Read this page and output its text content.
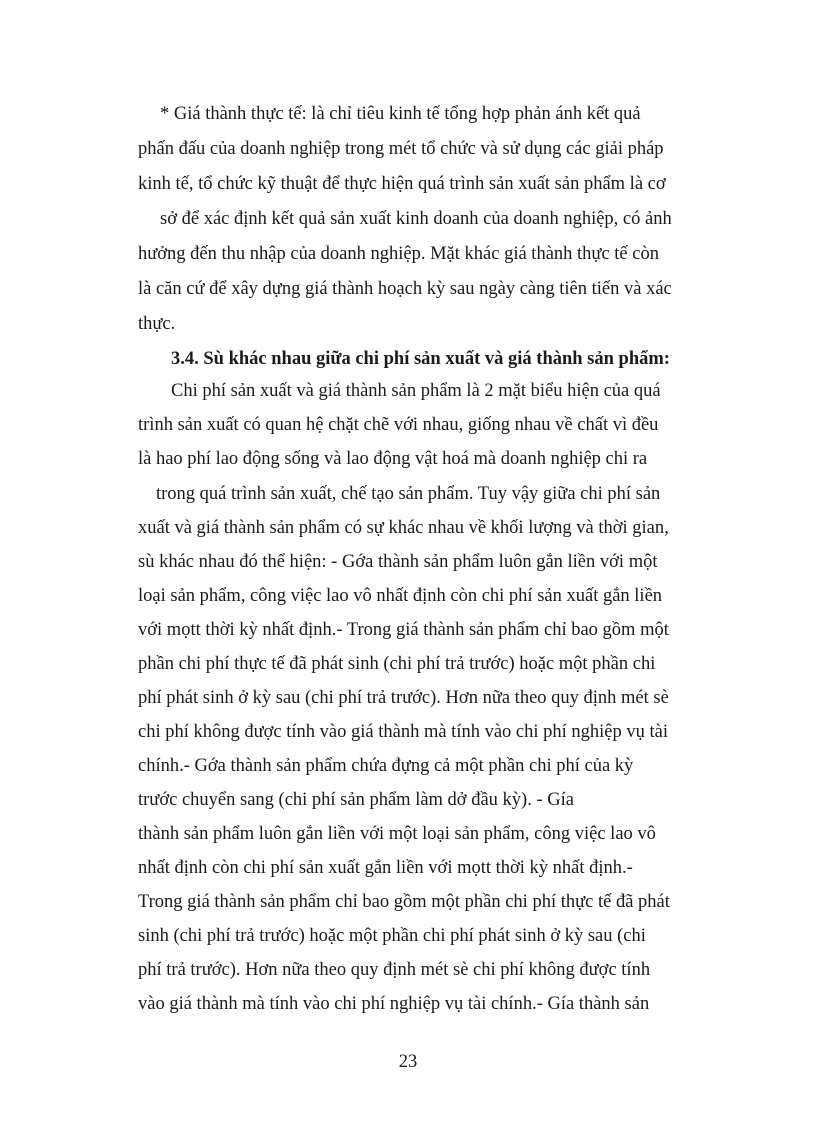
* Giá thành thực tế: là chỉ tiêu kinh tế tổng hợp phản ánh kết quả
phấn đấu của doanh nghiệp trong mét tổ chức và sử dụng các giải pháp
kinh tế, tổ chức kỹ thuật để thực hiện quá trình sản xuất sản phẩm là cơ
sở để xác định kết quả sản xuất kinh doanh của doanh nghiệp, có ảnh
hưởng đến thu nhập của doanh nghiệp. Mặt khác giá thành thực tế còn
là căn cứ để xây dựng giá thành hoạch kỳ sau ngày càng tiên tiến và xác
thực.
3.4. Sù khác nhau giữa chi phí sản xuất và giá thành sản phẩm:
Chi phí sản xuất và giá thành sản phẩm là 2 mặt biểu hiện của quá
trình sản xuất có quan hệ chặt chẽ với nhau, giống nhau về chất vì đều
là hao phí lao động sống và lao động vật hoá mà doanh nghiệp chi ra
trong quá trình sản xuất, chế tạo sản phẩm. Tuy vậy giữa chi phí sản
xuất và giá thành sản phẩm có sự khác nhau về khối lượng và thời gian,
sù khác nhau đó thể hiện: - Gớa thành sản phẩm luôn gắn liền với một
loại sản phẩm, công việc lao vô nhất định còn chi phí sản xuất gắn liền
với mọtt thời kỳ nhất định.- Trong giá thành sản phẩm chỉ bao gồm một
phần chi phí thực tế đã phát sinh (chi phí trả trước) hoặc một phần chi
phí phát sinh ở kỳ sau (chi phí trả trước). Hơn nữa theo quy định mét sè
chi phí không được tính vào giá thành mà tính vào chi phí nghiệp vụ tài
chính.- Gớa thành sản phẩm chứa đựng cả một phần chi phí của kỳ
trước chuyển sang (chi phí sản phẩm làm dở đầu kỳ). - Gía
thành sản phẩm luôn gắn liền với một loại sản phẩm, công việc lao vô
nhất định còn chi phí sản xuất gắn liền với mọtt thời kỳ nhất định.-
Trong giá thành sản phẩm chỉ bao gồm một phần chi phí thực tế đã phát
sinh (chi phí trả trước) hoặc một phần chi phí phát sinh ở kỳ sau (chi
phí trả trước). Hơn nữa theo quy định mét sè chi phí không được tính
vào giá thành mà tính vào chi phí nghiệp vụ tài chính.- Gía thành sản
23
